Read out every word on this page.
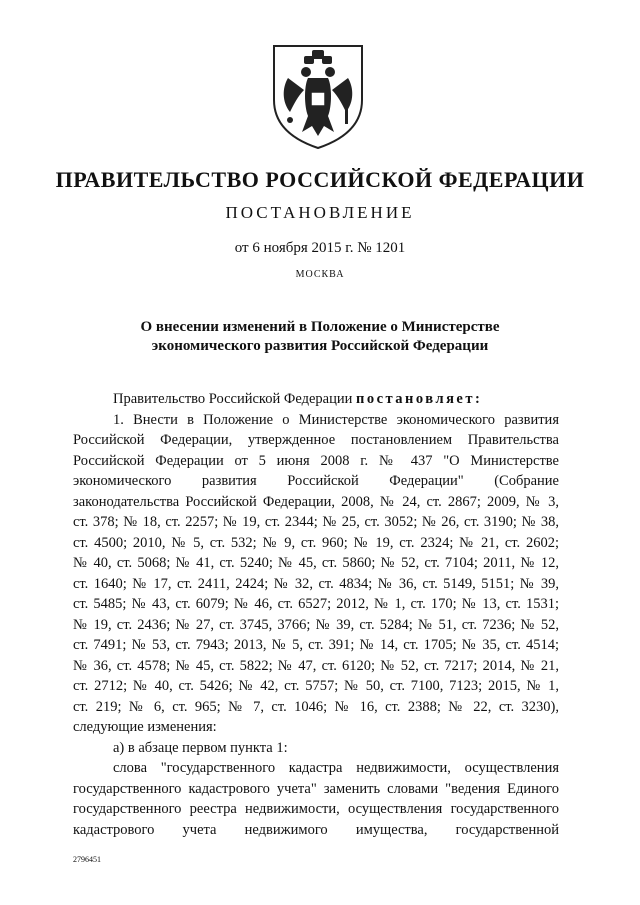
ПРАВИТЕЛЬСТВО РОССИЙСКОЙ ФЕДЕРАЦИИ
ПОСТАНОВЛЕНИЕ
от 6 ноября 2015 г. № 1201
МОСКВА
О внесении изменений в Положение о Министерстве
экономического развития Российской Федерации

Правительство Российской Федерации постановляет:

1. Внести в Положение о Министерстве экономического развития

Российской Федерации, утвержденное постановлением Правительства

Российской Федерации от 5 июня 2008 г. № 437 "О Министерстве

экономического развития Российской Федерации" (Собрание

законодательства Российской Федерации, 2008, № 24, ст. 2867; 2009, № 3,

ст. 378; № 18, ст. 2257; № 19, ст. 2344; № 25, ст. 3052; № 26, ст. 3190; № 38,

ст. 4500; 2010, № 5, ст. 532; № 9, ст. 960; № 19, ст. 2324; № 21, ст. 2602;

№ 40, ст. 5068; № 41, ст. 5240; № 45, ст. 5860; № 52, ст. 7104; 2011, № 12,

ст. 1640; № 17, ст. 2411, 2424; № 32, ст. 4834; № 36, ст. 5149, 5151; № 39,

ст. 5485; № 43, ст. 6079; № 46, ст. 6527; 2012, № 1, ст. 170; № 13, ст. 1531;

№ 19, ст. 2436; № 27, ст. 3745, 3766; № 39, ст. 5284; № 51, ст. 7236; № 52,

ст. 7491; № 53, ст. 7943; 2013, № 5, ст. 391; № 14, ст. 1705; № 35, ст. 4514;

№ 36, ст. 4578; № 45, ст. 5822; № 47, ст. 6120; № 52, ст. 7217; 2014, № 21,

ст. 2712; № 40, ст. 5426; № 42, ст. 5757; № 50, ст. 7100, 7123; 2015, № 1,

ст. 219; № 6, ст. 965; № 7, ст. 1046; № 16, ст. 2388; № 22, ст. 3230),

следующие изменения:

а) в абзаце первом пункта 1:

слова "государственного кадастра недвижимости, осуществления

государственного кадастрового учета" заменить словами "ведения Единого

государственного реестра недвижимости, осуществления государственного

кадастрового учета недвижимого имущества, государственной

2796451
